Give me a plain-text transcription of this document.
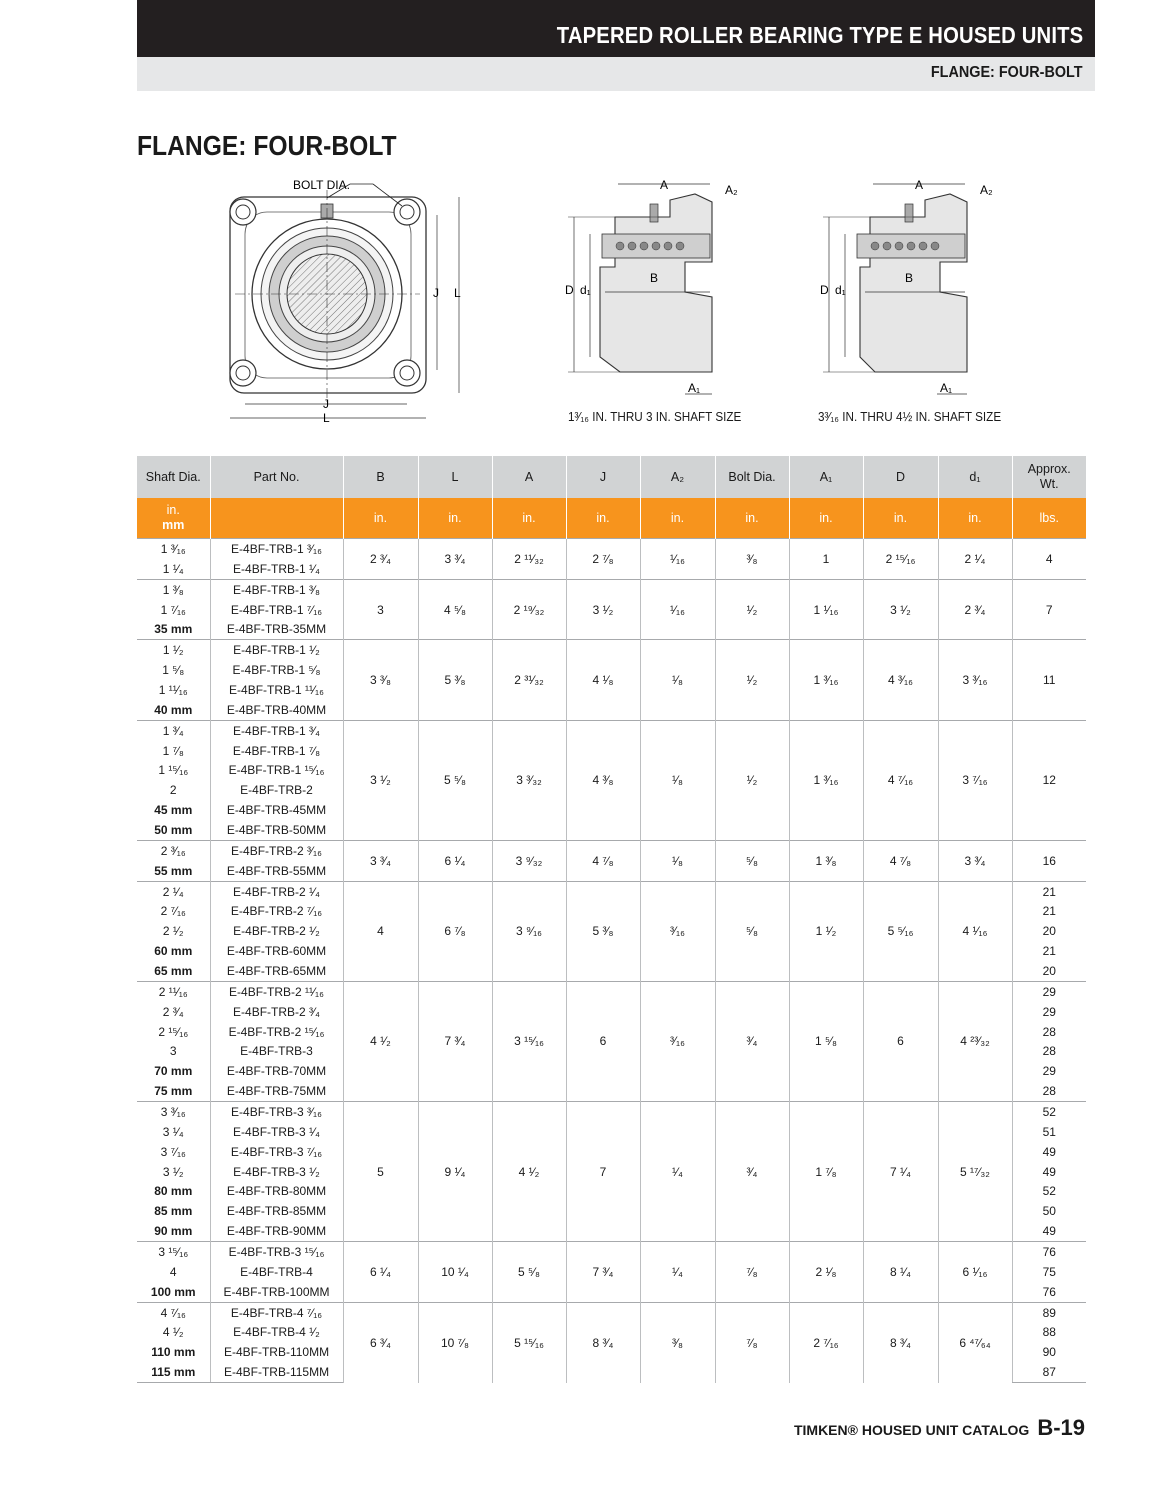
TAPERED ROLLER BEARING TYPE E HOUSED UNITS
FLANGE: FOUR-BOLT
FLANGE: FOUR-BOLT
BOLT DIA.
J L
J
L
A	A₂
D d₁
B
A₁
A	A₂
D d₁
B
A₁
1³⁄₁₆ IN. THRU 3 IN. SHAFT SIZE	3³⁄₁₆ IN. THRU 4½ IN. SHAFT SIZE
Shaft Dia.	Part No.	B	L	A	J	A₂	Bolt Dia.	A₁	D	d₁	Approx. Wt.
in.
mm		in.	in.	in.	in.	in.	in.	in.	in.	in.	lbs.
1 ³⁄₁₆	E-4BF-TRB-1 ³⁄₁₆	2 ³⁄₄	3 ³⁄₄	2 ¹¹⁄₃₂	2 ⁷⁄₈	¹⁄₁₆	³⁄₈	1	2 ¹⁵⁄₁₆	2 ¹⁄₄	4
1 ¹⁄₄	E-4BF-TRB-1 ¹⁄₄										
1 ³⁄₈	E-4BF-TRB-1 ³⁄₈	3	4 ⁵⁄₈	2 ¹⁹⁄₃₂	3 ¹⁄₂	¹⁄₁₆	¹⁄₂	1 ¹⁄₁₆	3 ¹⁄₂	2 ³⁄₄	7
1 ⁷⁄₁₆	E-4BF-TRB-1 ⁷⁄₁₆										
35 mm	E-4BF-TRB-35MM										
1 ¹⁄₂	E-4BF-TRB-1 ¹⁄₂	3 ³⁄₈	5 ³⁄₈	2 ³¹⁄₃₂	4 ¹⁄₈	¹⁄₈	¹⁄₂	1 ³⁄₁₆	4 ³⁄₁₆	3 ³⁄₁₆	11
1 ⁵⁄₈	E-4BF-TRB-1 ⁵⁄₈										
1 ¹¹⁄₁₆	E-4BF-TRB-1 ¹¹⁄₁₆										
40 mm	E-4BF-TRB-40MM										
1 ³⁄₄	E-4BF-TRB-1 ³⁄₄	3 ¹⁄₂	5 ⁵⁄₈	3 ³⁄₃₂	4 ³⁄₈	¹⁄₈	¹⁄₂	1 ³⁄₁₆	4 ⁷⁄₁₆	3 ⁷⁄₁₆	12
1 ⁷⁄₈	E-4BF-TRB-1 ⁷⁄₈										
1 ¹⁵⁄₁₆	E-4BF-TRB-1 ¹⁵⁄₁₆										
2	E-4BF-TRB-2										
45 mm	E-4BF-TRB-45MM										
50 mm	E-4BF-TRB-50MM										
2 ³⁄₁₆	E-4BF-TRB-2 ³⁄₁₆	3 ³⁄₄	6 ¹⁄₄	3 ⁹⁄₃₂	4 ⁷⁄₈	¹⁄₈	⁵⁄₈	1 ³⁄₈	4 ⁷⁄₈	3 ³⁄₄	16
55 mm	E-4BF-TRB-55MM										
2 ¹⁄₄	E-4BF-TRB-2 ¹⁄₄	4	6 ⁷⁄₈	3 ⁹⁄₁₆	5 ³⁄₈	³⁄₁₆	⁵⁄₈	1 ¹⁄₂	5 ⁵⁄₁₆	4 ¹⁄₁₆	21
2 ⁷⁄₁₆	E-4BF-TRB-2 ⁷⁄₁₆										21
2 ¹⁄₂	E-4BF-TRB-2 ¹⁄₂										20
60 mm	E-4BF-TRB-60MM										21
65 mm	E-4BF-TRB-65MM										20
2 ¹¹⁄₁₆	E-4BF-TRB-2 ¹¹⁄₁₆	4 ¹⁄₂	7 ³⁄₄	3 ¹⁵⁄₁₆	6	³⁄₁₆	³⁄₄	1 ⁵⁄₈	6	4 ²³⁄₃₂	29
2 ³⁄₄	E-4BF-TRB-2 ³⁄₄										29
2 ¹⁵⁄₁₆	E-4BF-TRB-2 ¹⁵⁄₁₆										28
3	E-4BF-TRB-3										28
70 mm	E-4BF-TRB-70MM										29
75 mm	E-4BF-TRB-75MM										28
3 ³⁄₁₆	E-4BF-TRB-3 ³⁄₁₆	5	9 ¹⁄₄	4 ¹⁄₂	7	¹⁄₄	³⁄₄	1 ⁷⁄₈	7 ¹⁄₄	5 ¹⁷⁄₃₂	52
3 ¹⁄₄	E-4BF-TRB-3 ¹⁄₄										51
3 ⁷⁄₁₆	E-4BF-TRB-3 ⁷⁄₁₆										49
3 ¹⁄₂	E-4BF-TRB-3 ¹⁄₂										49
80 mm	E-4BF-TRB-80MM										52
85 mm	E-4BF-TRB-85MM										50
90 mm	E-4BF-TRB-90MM										49
3 ¹⁵⁄₁₆	E-4BF-TRB-3 ¹⁵⁄₁₆	6 ¹⁄₄	10 ¹⁄₄	5 ⁵⁄₈	7 ³⁄₄	¹⁄₄	⁷⁄₈	2 ¹⁄₈	8 ¹⁄₄	6 ¹⁄₁₆	76
4	E-4BF-TRB-4										75
100 mm	E-4BF-TRB-100MM										76
4 ⁷⁄₁₆	E-4BF-TRB-4 ⁷⁄₁₆	6 ³⁄₄	10 ⁷⁄₈	5 ¹⁵⁄₁₆	8 ³⁄₄	³⁄₈	⁷⁄₈	2 ⁷⁄₁₆	8 ³⁄₄	6 ⁴⁷⁄₆₄	89
4 ¹⁄₂	E-4BF-TRB-4 ¹⁄₂										88
110 mm	E-4BF-TRB-110MM										90
115 mm	E-4BF-TRB-115MM										87
TIMKEN® HOUSED UNIT CATALOG B-19
